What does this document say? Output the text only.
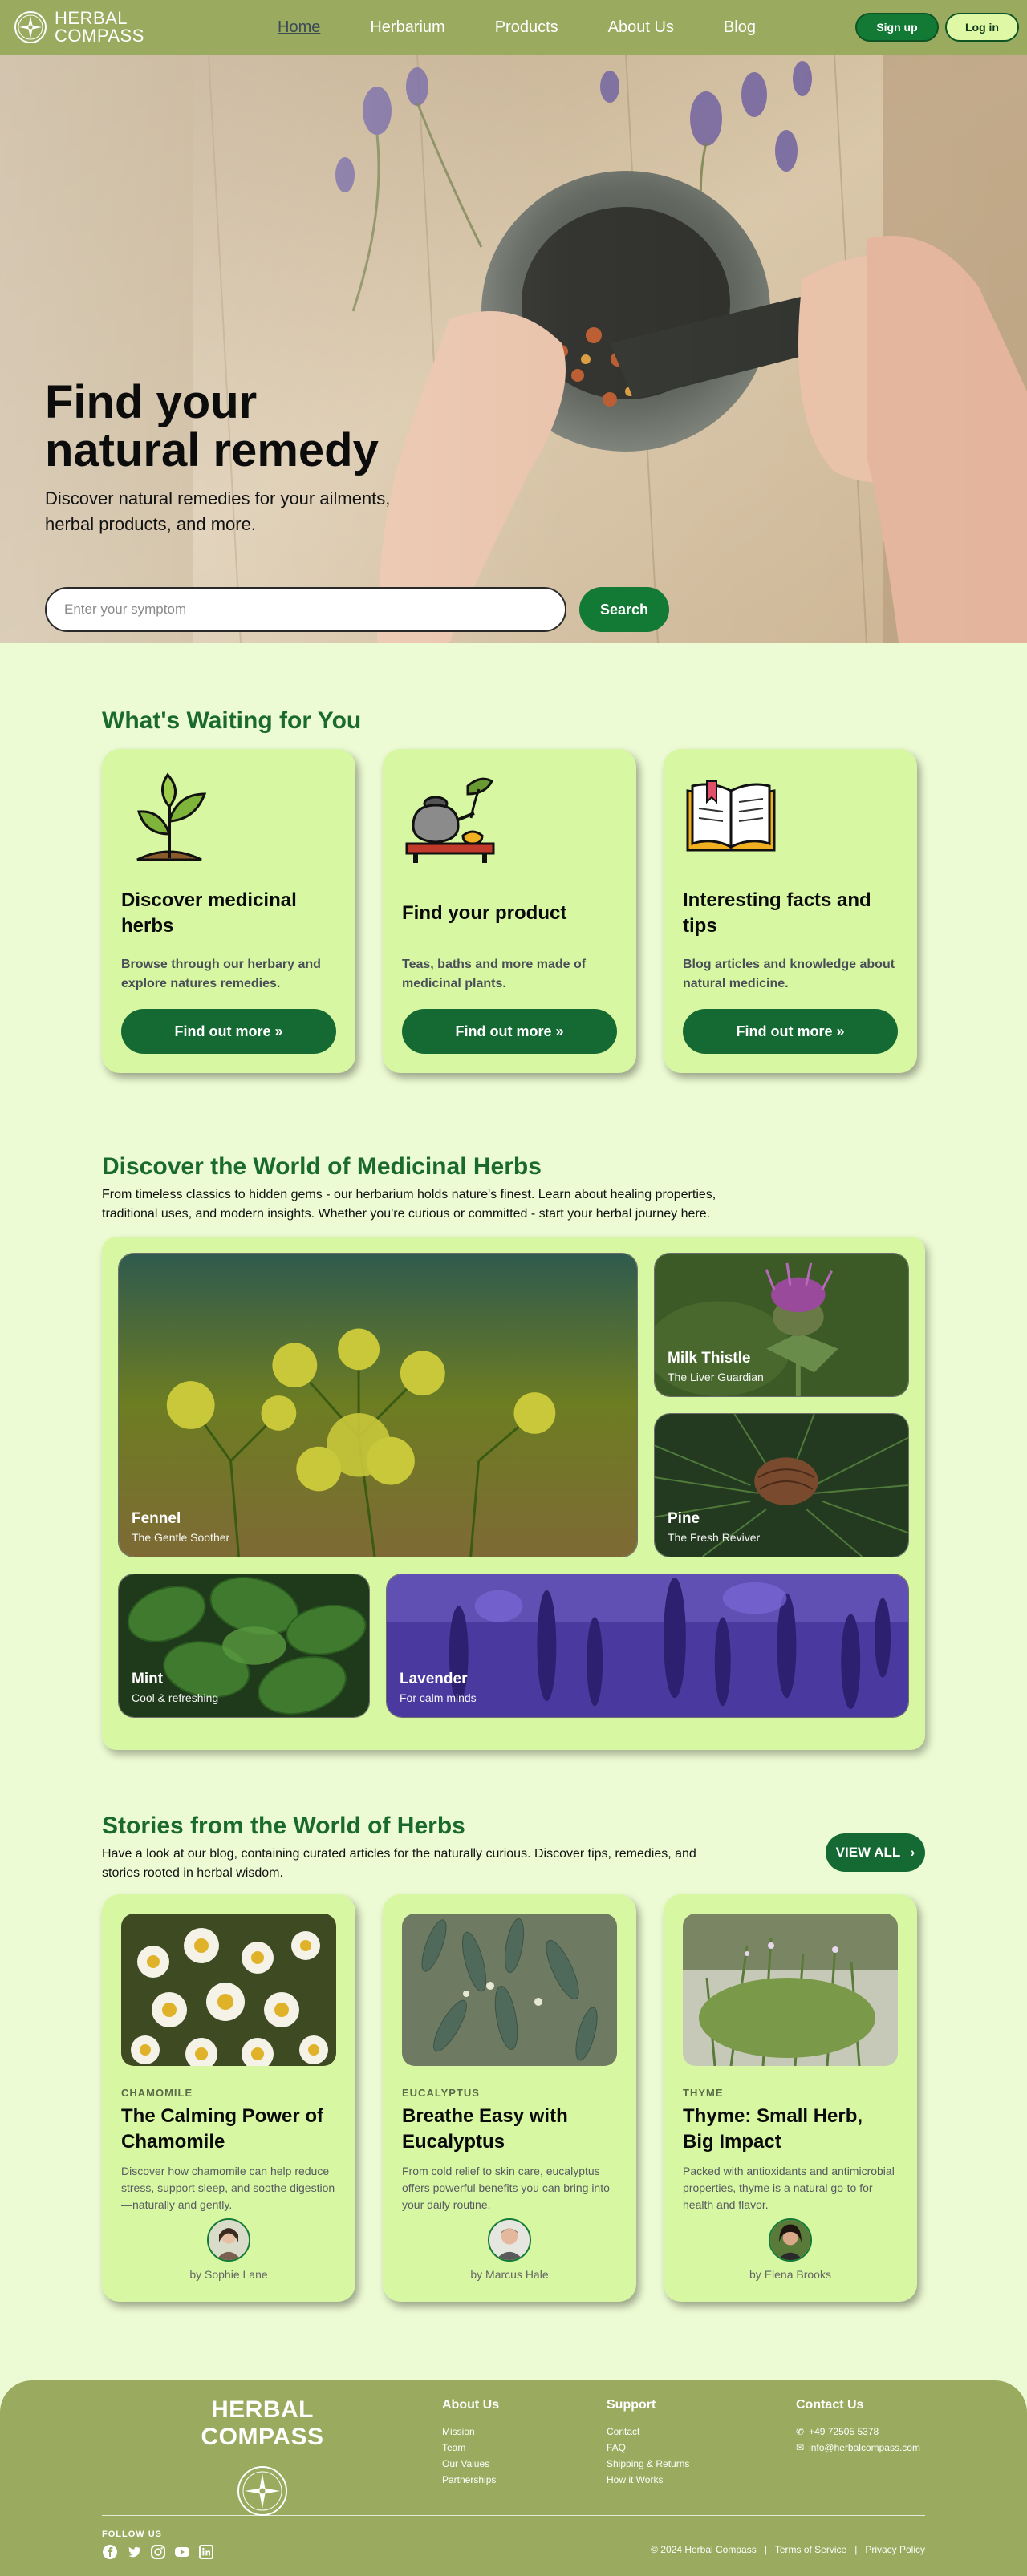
HERBAL
COMPASS	Home	Herbarium	Products	About Us	Blog	Sign up	Log in
Find your
natural remedy

Discover natural remedies for your ailments,
herbal products, and more.

Enter your symptom
Search
What's Waiting for You
Discover medicinal herbs

Browse through our herbary and explore natures remedies.

Find out more »
Find your product

Teas, baths and more made of medicinal plants.

Find out more »
Interesting facts and tips

Blog articles and knowledge about natural medicine.

Find out more »
Discover the World of Medicinal Herbs

From timeless classics to hidden gems - our herbarium holds nature's finest. Learn about healing properties, traditional uses, and modern insights. Whether you're curious or committed - start your herbal journey here.

Fennel
The Gentle Soother
Milk Thistle
The Liver Guardian
Pine
The Fresh Reviver
Mint
Cool & refreshing
Lavender
For calm minds
Stories from the World of Herbs

Have a look at our blog, containing curated articles for the naturally curious. Discover tips, remedies, and stories rooted in herbal wisdom.

VIEW ALL ›
CHAMOMILE
The Calming Power of Chamomile

Discover how chamomile can help reduce stress, support sleep, and soothe digestion—naturally and gently.

by Sophie Lane
EUCALYPTUS
Breathe Easy with Eucalyptus

From cold relief to skin care, eucalyptus offers powerful benefits you can bring into your daily routine.

by Marcus Hale
THYME
Thyme: Small Herb, Big Impact

Packed with antioxidants and antimicrobial properties, thyme is a natural go-to for health and flavor.

by Elena Brooks
HERBAL COMPASS
About Us
Mission
Team
Our Values
Partnerships
Support
Contact
FAQ
Shipping & Returns
How it Works
Contact Us
✆ +49 72505 5378
✉ info@herbalcompass.com
FOLLOW US
© 2024 Herbal Compass | Terms of Service | Privacy Policy
